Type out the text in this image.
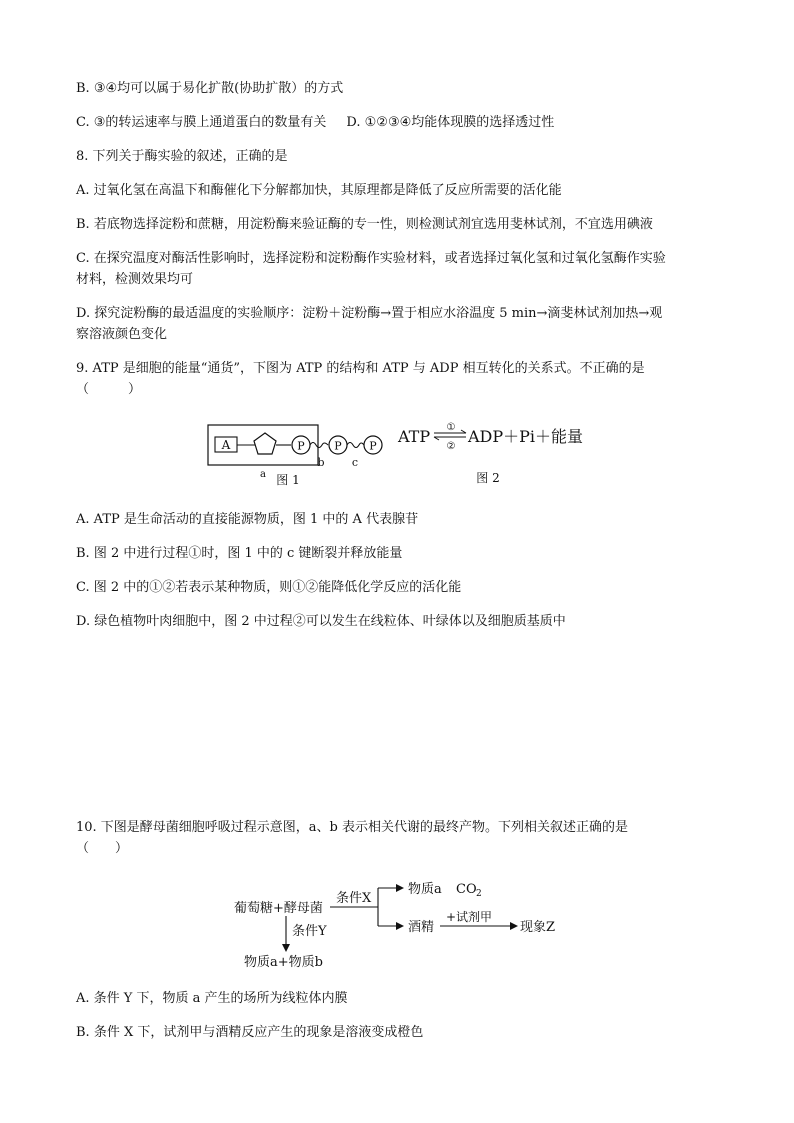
B. ③④均可以属于易化扩散(协助扩散）的方式
C. ③的转运速率与膜上通道蛋白的数量有关 D. ①②③④均能体现膜的选择透过性
8. 下列关于酶实验的叙述，正确的是
A. 过氧化氢在高温下和酶催化下分解都加快，其原理都是降低了反应所需要的活化能
B. 若底物选择淀粉和蔗糖，用淀粉酶来验证酶的专一性，则检测试剂宜选用斐林试剂，不宜选用碘液
C. 在探究温度对酶活性影响时，选择淀粉和淀粉酶作实验材料，或者选择过氧化氢和过氧化氢酶作实验
材料，检测效果均可
D. 探究淀粉酶的最适温度的实验顺序：淀粉＋淀粉酶→置于相应水浴温度 5 min→滴斐林试剂加热→观
察溶液颜色变化
9. ATP 是细胞的能量“通货”，下图为 ATP 的结构和 ATP 与 ADP 相互转化的关系式。不正确的是
（　　　）
A	P	P	P
a
b c
图 1
ATP ①
②
ADP＋Pi＋能量
图 2
A. ATP 是生命活动的直接能源物质，图 1 中的 A 代表腺苷
B. 图 2 中进行过程①时，图 1 中的 c 键断裂并释放能量
C. 图 2 中的①②若表示某种物质，则①②能降低化学反应的活化能
D. 绿色植物叶肉细胞中，图 2 中过程②可以发生在线粒体、叶绿体以及细胞质基质中
10. 下图是酵母菌细胞呼吸过程示意图，a、b 表示相关代谢的最终产物。下列相关叙述正确的是
（　　）
葡萄糖+酵母菌
条件X
物质a CO 2
酒精
+试剂甲
现象Z
条件Y
物质a+物质b
A. 条件 Y 下，物质 a 产生的场所为线粒体内膜
B. 条件 X 下，试剂甲与酒精反应产生的现象是溶液变成橙色
